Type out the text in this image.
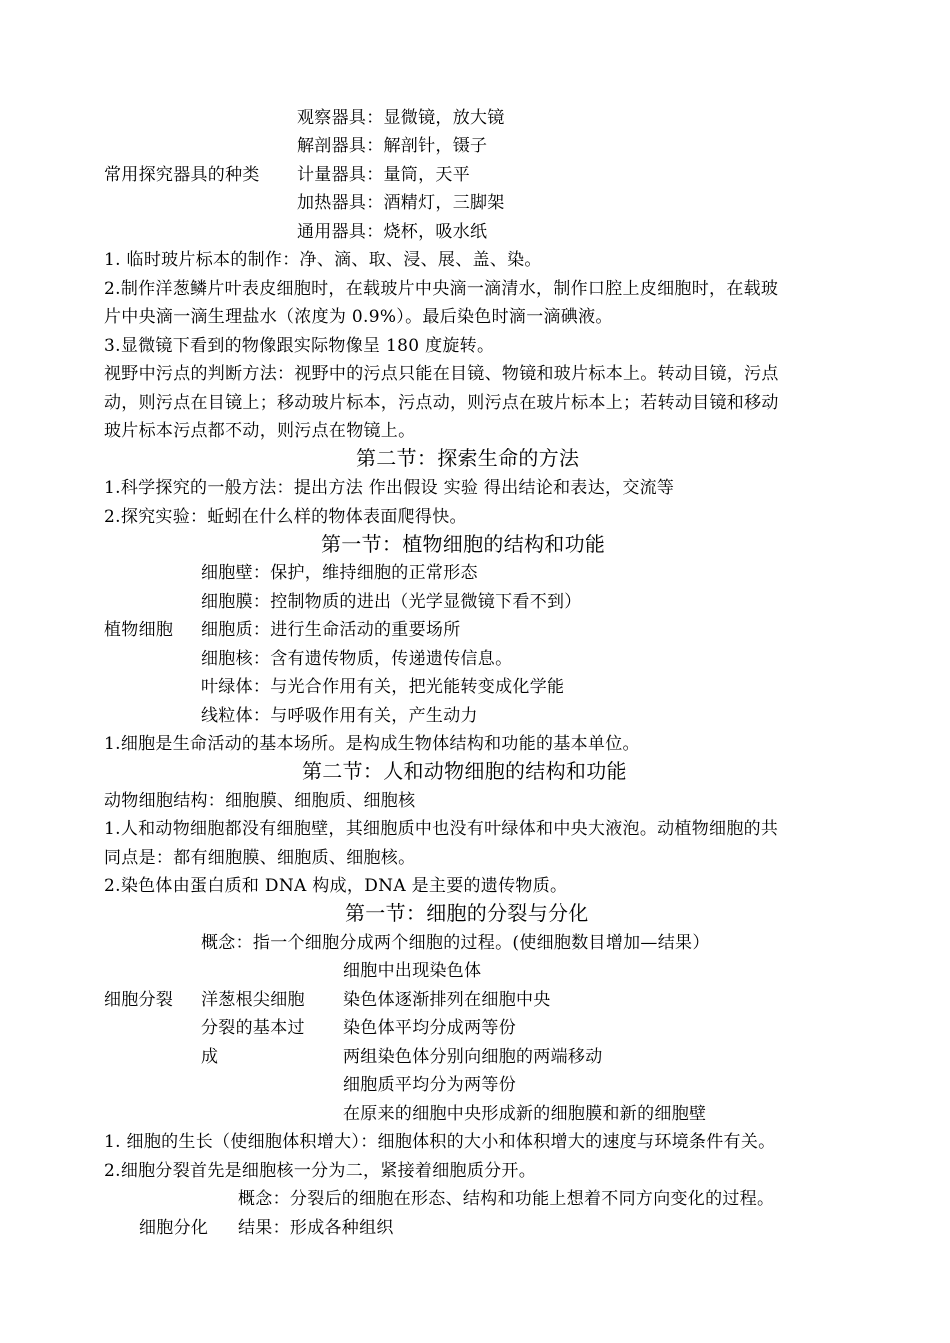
观察器具：显微镜，放大镜
解剖器具：解剖针，镊子
常用探究器具的种类 计量器具：量筒，天平
加热器具：酒精灯，三脚架
通用器具：烧杯，吸水纸
1. 临时玻片标本的制作：净、滴、取、浸、展、盖、染。
2.制作洋葱鳞片叶表皮细胞时，在载玻片中央滴一滴清水，制作口腔上皮细胞时，在载玻
片中央滴一滴生理盐水（浓度为 0.9%）。最后染色时滴一滴碘液。
3.显微镜下看到的物像跟实际物像呈 180 度旋转。
视野中污点的判断方法：视野中的污点只能在目镜、物镜和玻片标本上。转动目镜，污点
动，则污点在目镜上；移动玻片标本，污点动，则污点在玻片标本上；若转动目镜和移动
玻片标本污点都不动，则污点在物镜上。
第二节：探索生命的方法
1.科学探究的一般方法：提出方法 作出假设 实验 得出结论和表达，交流等
2.探究实验：蚯蚓在什么样的物体表面爬得快。
第一节：植物细胞的结构和功能
细胞壁：保护，维持细胞的正常形态
细胞膜：控制物质的进出（光学显微镜下看不到）
植物细胞 细胞质：进行生命活动的重要场所
细胞核：含有遗传物质，传递遗传信息。
叶绿体：与光合作用有关，把光能转变成化学能
线粒体：与呼吸作用有关，产生动力
1.细胞是生命活动的基本场所。是构成生物体结构和功能的基本单位。
第二节：人和动物细胞的结构和功能
动物细胞结构：细胞膜、细胞质、细胞核
1.人和动物细胞都没有细胞壁，其细胞质中也没有叶绿体和中央大液泡。动植物细胞的共
同点是：都有细胞膜、细胞质、细胞核。
2.染色体由蛋白质和 DNA 构成，DNA 是主要的遗传物质。
第一节：细胞的分裂与分化
概念：指一个细胞分成两个细胞的过程。(使细胞数目增加—结果）
细胞中出现染色体
细胞分裂 洋葱根尖细胞 染色体逐渐排列在细胞中央
分裂的基本过 染色体平均分成两等份
成	两组染色体分别向细胞的两端移动
细胞质平均分为两等份
在原来的细胞中央形成新的细胞膜和新的细胞壁
1. 细胞的生长（使细胞体积增大）：细胞体积的大小和体积增大的速度与环境条件有关。
2.细胞分裂首先是细胞核一分为二，紧接着细胞质分开。
概念：分裂后的细胞在形态、结构和功能上想着不同方向变化的过程。
细胞分化 结果：形成各种组织
